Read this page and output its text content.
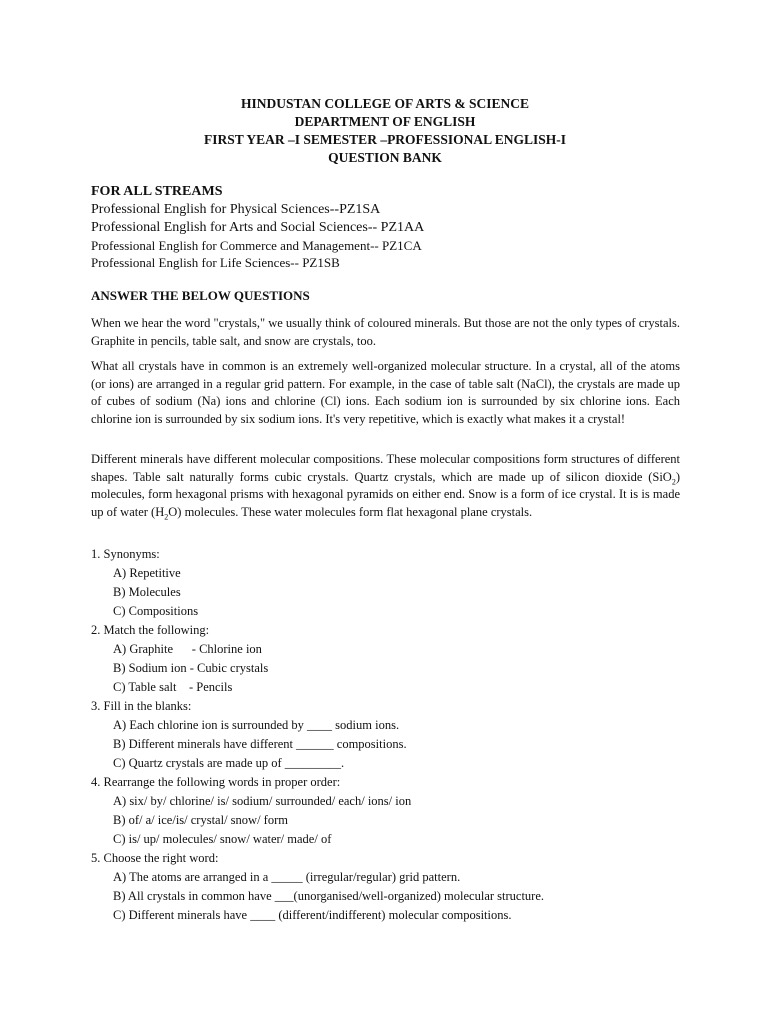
HINDUSTAN COLLEGE OF ARTS & SCIENCE
DEPARTMENT OF ENGLISH
FIRST YEAR –I SEMESTER –PROFESSIONAL ENGLISH-I
QUESTION BANK
FOR ALL STREAMS
Professional English for Physical Sciences--PZ1SA
Professional English for Arts and Social Sciences-- PZ1AA
Professional English for Commerce and Management-- PZ1CA
Professional English for Life Sciences-- PZ1SB
ANSWER THE BELOW QUESTIONS

When we hear the word "crystals," we usually think of coloured minerals. But those are not the only types of crystals. Graphite in pencils, table salt, and snow are crystals, too.

What all crystals have in common is an extremely well-organized molecular structure. In a crystal, all of the atoms (or ions) are arranged in a regular grid pattern. For example, in the case of table salt (NaCl), the crystals are made up of cubes of sodium (Na) ions and chlorine (Cl) ions. Each sodium ion is surrounded by six chlorine ions. Each chlorine ion is surrounded by six sodium ions. It's very repetitive, which is exactly what makes it a crystal!

Different minerals have different molecular compositions. These molecular compositions form structures of different shapes. Table salt naturally forms cubic crystals. Quartz crystals, which are made up of silicon dioxide (SiO$_2$) molecules, form hexagonal prisms with hexagonal pyramids on either end. Snow is a form of ice crystal. It is is made up of water $(H_2O)$ molecules. These water molecules form flat hexagonal plane crystals.

1. Synonyms:
A) Repetitive
B) Molecules
C) Compositions
2. Match the following:
A) Graphite      - Chlorine ion
B) Sodium ion - Cubic crystals
C) Table salt    - Pencils
3. Fill in the blanks:
A) Each chlorine ion is surrounded by ____ sodium ions.
B) Different minerals have different ______ compositions.
C) Quartz crystals are made up of _________.
4. Rearrange the following words in proper order:
A) six/ by/ chlorine/ is/ sodium/ surrounded/ each/ ions/ ion
B) of/ a/ ice/is/ crystal/ snow/ form
C) is/ up/ molecules/ snow/ water/ made/ of
5. Choose the right word:
A) The atoms are arranged in a _____ (irregular/regular) grid pattern.
B) All crystals in common have ___(unorganised/well-organized) molecular structure.
C) Different minerals have ____ (different/indifferent) molecular compositions.
